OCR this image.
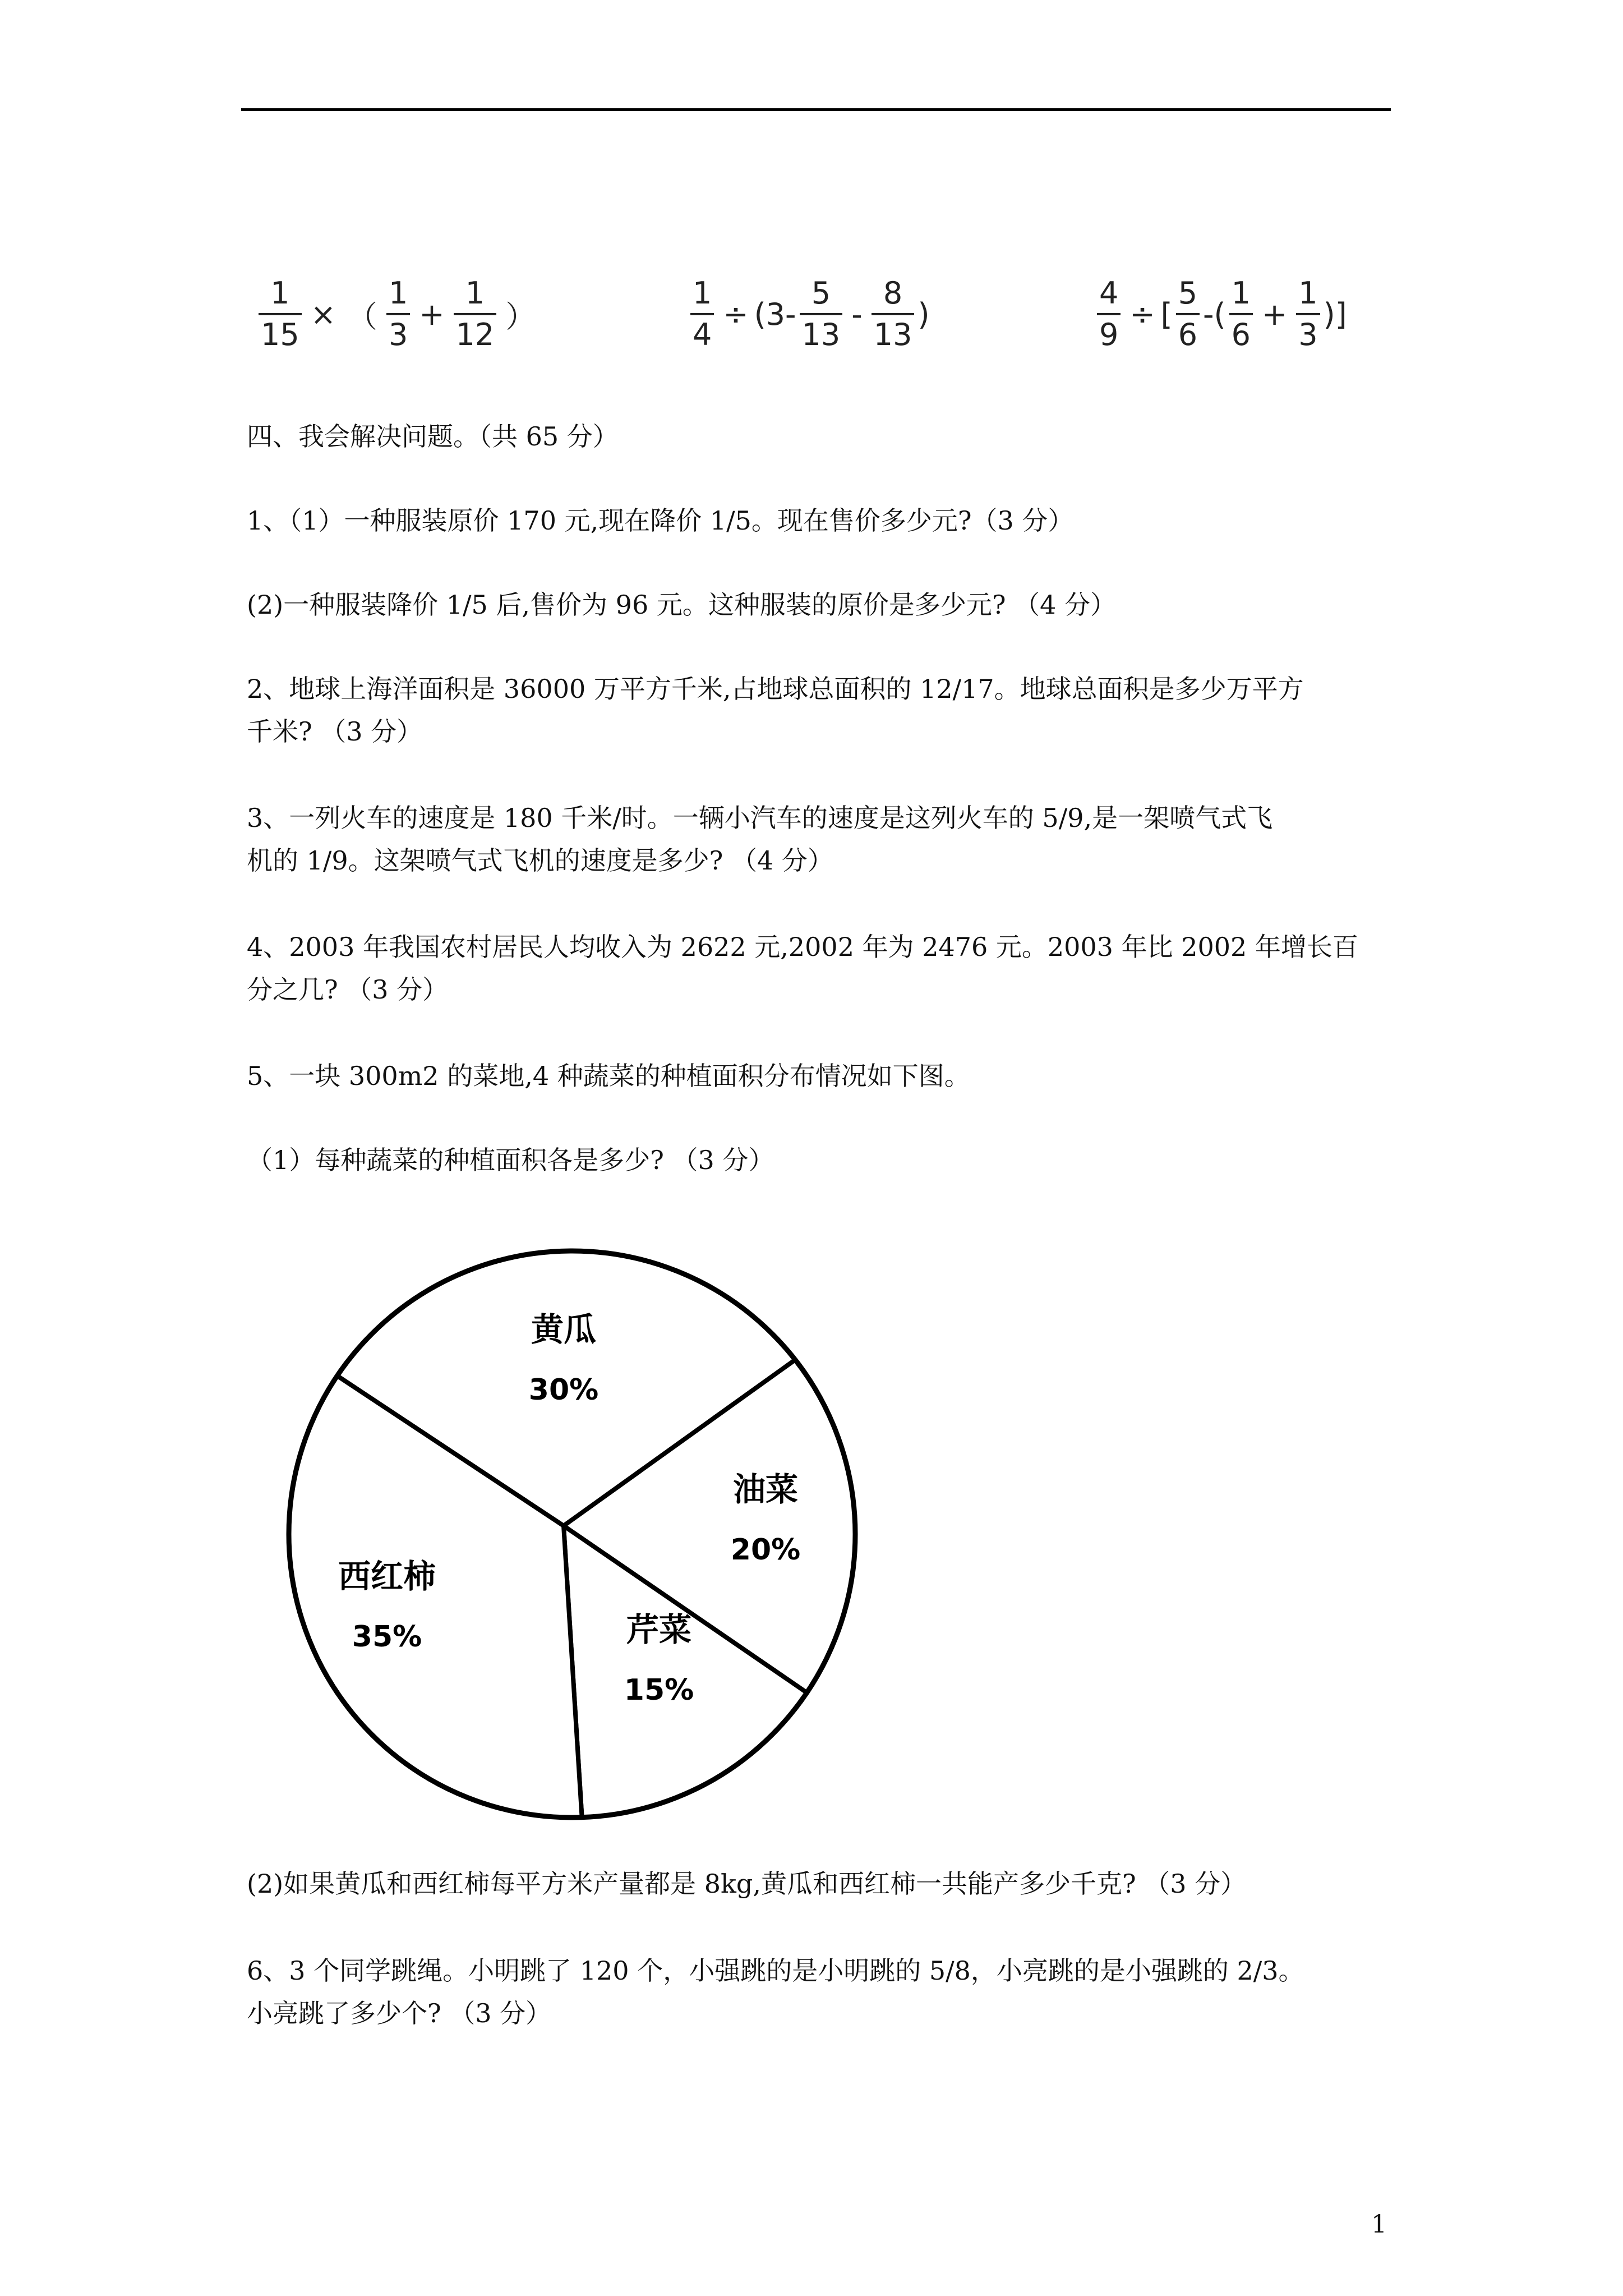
$\frac{1}{15}$ × （ $\frac{1}{3} + \frac{1}{12}$ ）	$\frac{1}{4} \div (3- \frac{5}{13} - \frac{8}{13}$ )	$\frac{4}{9}$ ÷ [ $\frac{5}{6}$ -( $\frac{1}{6} + \frac{1}{3}$ )]
四、我会解决问题。（共 65 分）
1、（1）一种服装原价 170 元,现在降价 1/5。现在售价多少元?（3 分）
(2)一种服装降价 1/5 后,售价为 96 元。这种服装的原价是多少元? （4 分）
2、地球上海洋面积是 36000 万平方千米,占地球总面积的 12/17。地球总面积是多少万平方
千米? （3 分）
3、一列火车的速度是 180 千米/时。一辆小汽车的速度是这列火车的 5/9,是一架喷气式飞
机的 1/9。这架喷气式飞机的速度是多少? （4 分）
4、2003 年我国农村居民人均收入为 2622 元,2002 年为 2476 元。2003 年比 2002 年增长百
分之几? （3 分）
5、一块 300m2 的菜地,4 种蔬菜的种植面积分布情况如下图。
（1）每种蔬菜的种植面积各是多少? （3 分）
黄瓜
30%
油菜
20%
芹菜
15%
西红柿
35%
(2)如果黄瓜和西红柿每平方米产量都是 8kg,黄瓜和西红柿一共能产多少千克? （3 分）
6、3 个同学跳绳。小明跳了 120 个，小强跳的是小明跳的 5/8，小亮跳的是小强跳的 2/3。
小亮跳了多少个? （3 分）
1
